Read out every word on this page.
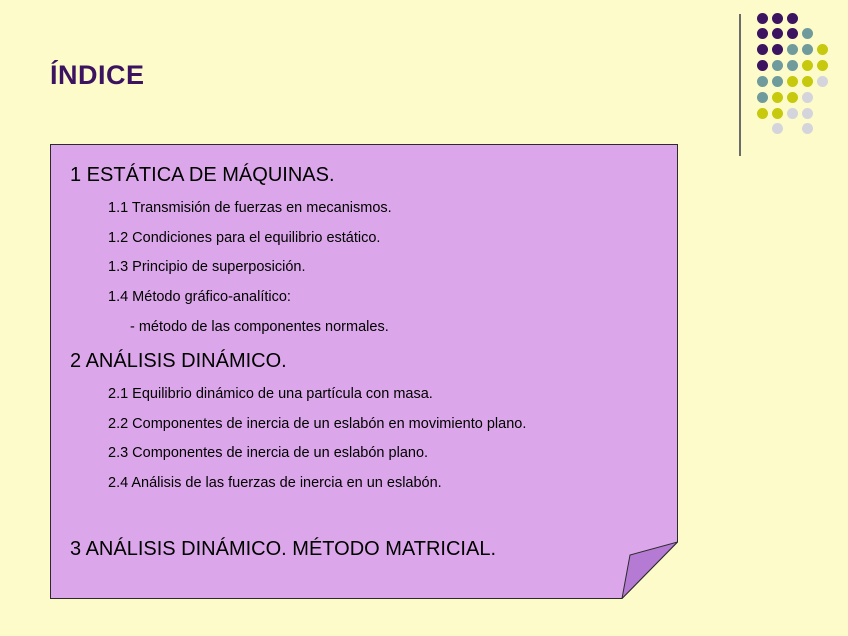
ÍNDICE
1 ESTÁTICA DE MÁQUINAS.
1.1 Transmisión de fuerzas en mecanismos.
1.2 Condiciones para el equilibrio estático.
1.3 Principio de superposición.
1.4 Método gráfico-analítico:
- método de las componentes normales.
2 ANÁLISIS DINÁMICO.
2.1 Equilibrio dinámico de una partícula con masa.
2.2 Componentes de inercia de un eslabón en movimiento plano.
2.3 Componentes de inercia de un eslabón plano.
2.4 Análisis de las fuerzas de inercia en un eslabón.
3 ANÁLISIS DINÁMICO. MÉTODO MATRICIAL.
